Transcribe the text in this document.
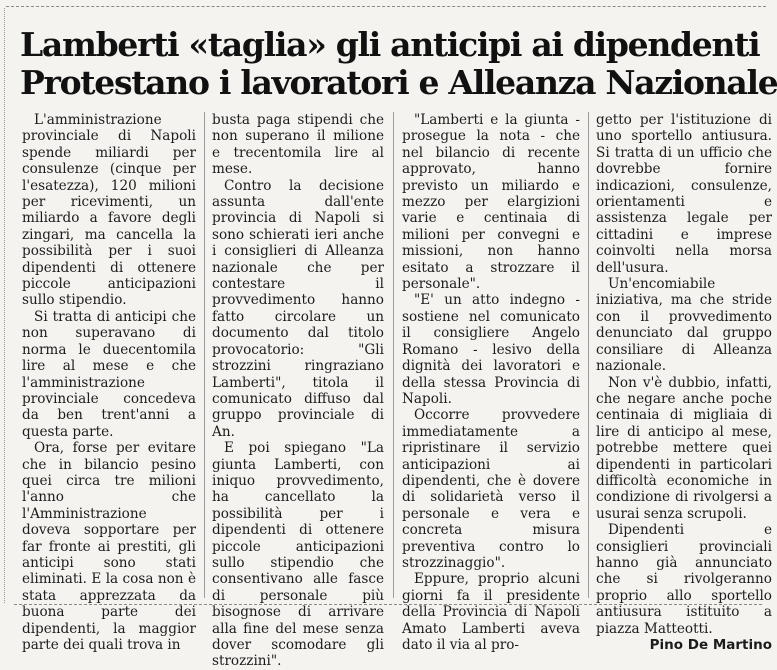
Lamberti «taglia» gli anticipi ai dipendenti
Protestano i lavoratori e Alleanza Nazionale

L'amministrazione provinciale di Napoli spende miliardi per consulenze (cinque per l'esatezza), 120 milioni per ricevimenti, un miliardo a favore degli zingari, ma cancella la possibilità per i suoi dipendenti di ottenere piccole anticipazioni sullo stipendio.

Si tratta di anticipi che non superavano di norma le duecentomila lire al mese e che l'amministrazione provinciale concedeva da ben trent'anni a questa parte.

Ora, forse per evitare che in bilancio pesino quei circa tre milioni l'anno che l'Amministrazione doveva sopportare per far fronte ai prestiti, gli anticipi sono stati eliminati. E la cosa non è stata apprezzata da buona parte dei dipendenti, la maggior parte dei quali trova in

busta paga stipendi che non superano il milione e trecentomila lire al mese.

Contro la decisione assunta dall'ente provincia di Napoli si sono schierati ieri anche i consiglieri di Alleanza nazionale che per contestare il provvedimento hanno fatto circolare un documento dal titolo provocatorio: "Gli strozzini ringraziano Lamberti", titola il comunicato diffuso dal gruppo provinciale di An.

E poi spiegano "La giunta Lamberti, con iniquo provvedimento, ha cancellato la possibilità per i dipendenti di ottenere piccole anticipazioni sullo stipendio che consentivano alle fasce di personale più bisognose di arrivare alla fine del mese senza dover scomodare gli strozzini".

"Lamberti e la giunta - prosegue la nota - che nel bilancio di recente approvato, hanno previsto un miliardo e mezzo per elargizioni varie e centinaia di milioni per convegni e missioni, non hanno esitato a strozzare il personale".

"E' un atto indegno - sostiene nel comunicato il consigliere Angelo Romano - lesivo della dignità dei lavoratori e della stessa Provincia di Napoli.

Occorre provvedere immediatamente a ripristinare il servizio anticipazioni ai dipendenti, che è dovere di solidarietà verso il personale e vera e concreta misura preventiva contro lo strozzinaggio".

Eppure, proprio alcuni giorni fa il presidente della Provincia di Napoli Amato Lamberti aveva dato il via al pro-

getto per l'istituzione di uno sportello antiusura. Si tratta di un ufficio che dovrebbe fornire indicazioni, consulenze, orientamenti e assistenza legale per cittadini e imprese coinvolti nella morsa dell'usura.

Un'encomiabile iniziativa, ma che stride con il provvedimento denunciato dal gruppo consiliare di Alleanza nazionale.

Non v'è dubbio, infatti, che negare anche poche centinaia di migliaia di lire di anticipo al mese, potrebbe mettere quei dipendenti in particolari difficoltà economiche in condizione di rivolgersi a usurai senza scrupoli.

Dipendenti e consiglieri provinciali hanno già annunciato che si rivolgeranno proprio allo sportello antiusura istituito a piazza Matteotti.

Pino De Martino
